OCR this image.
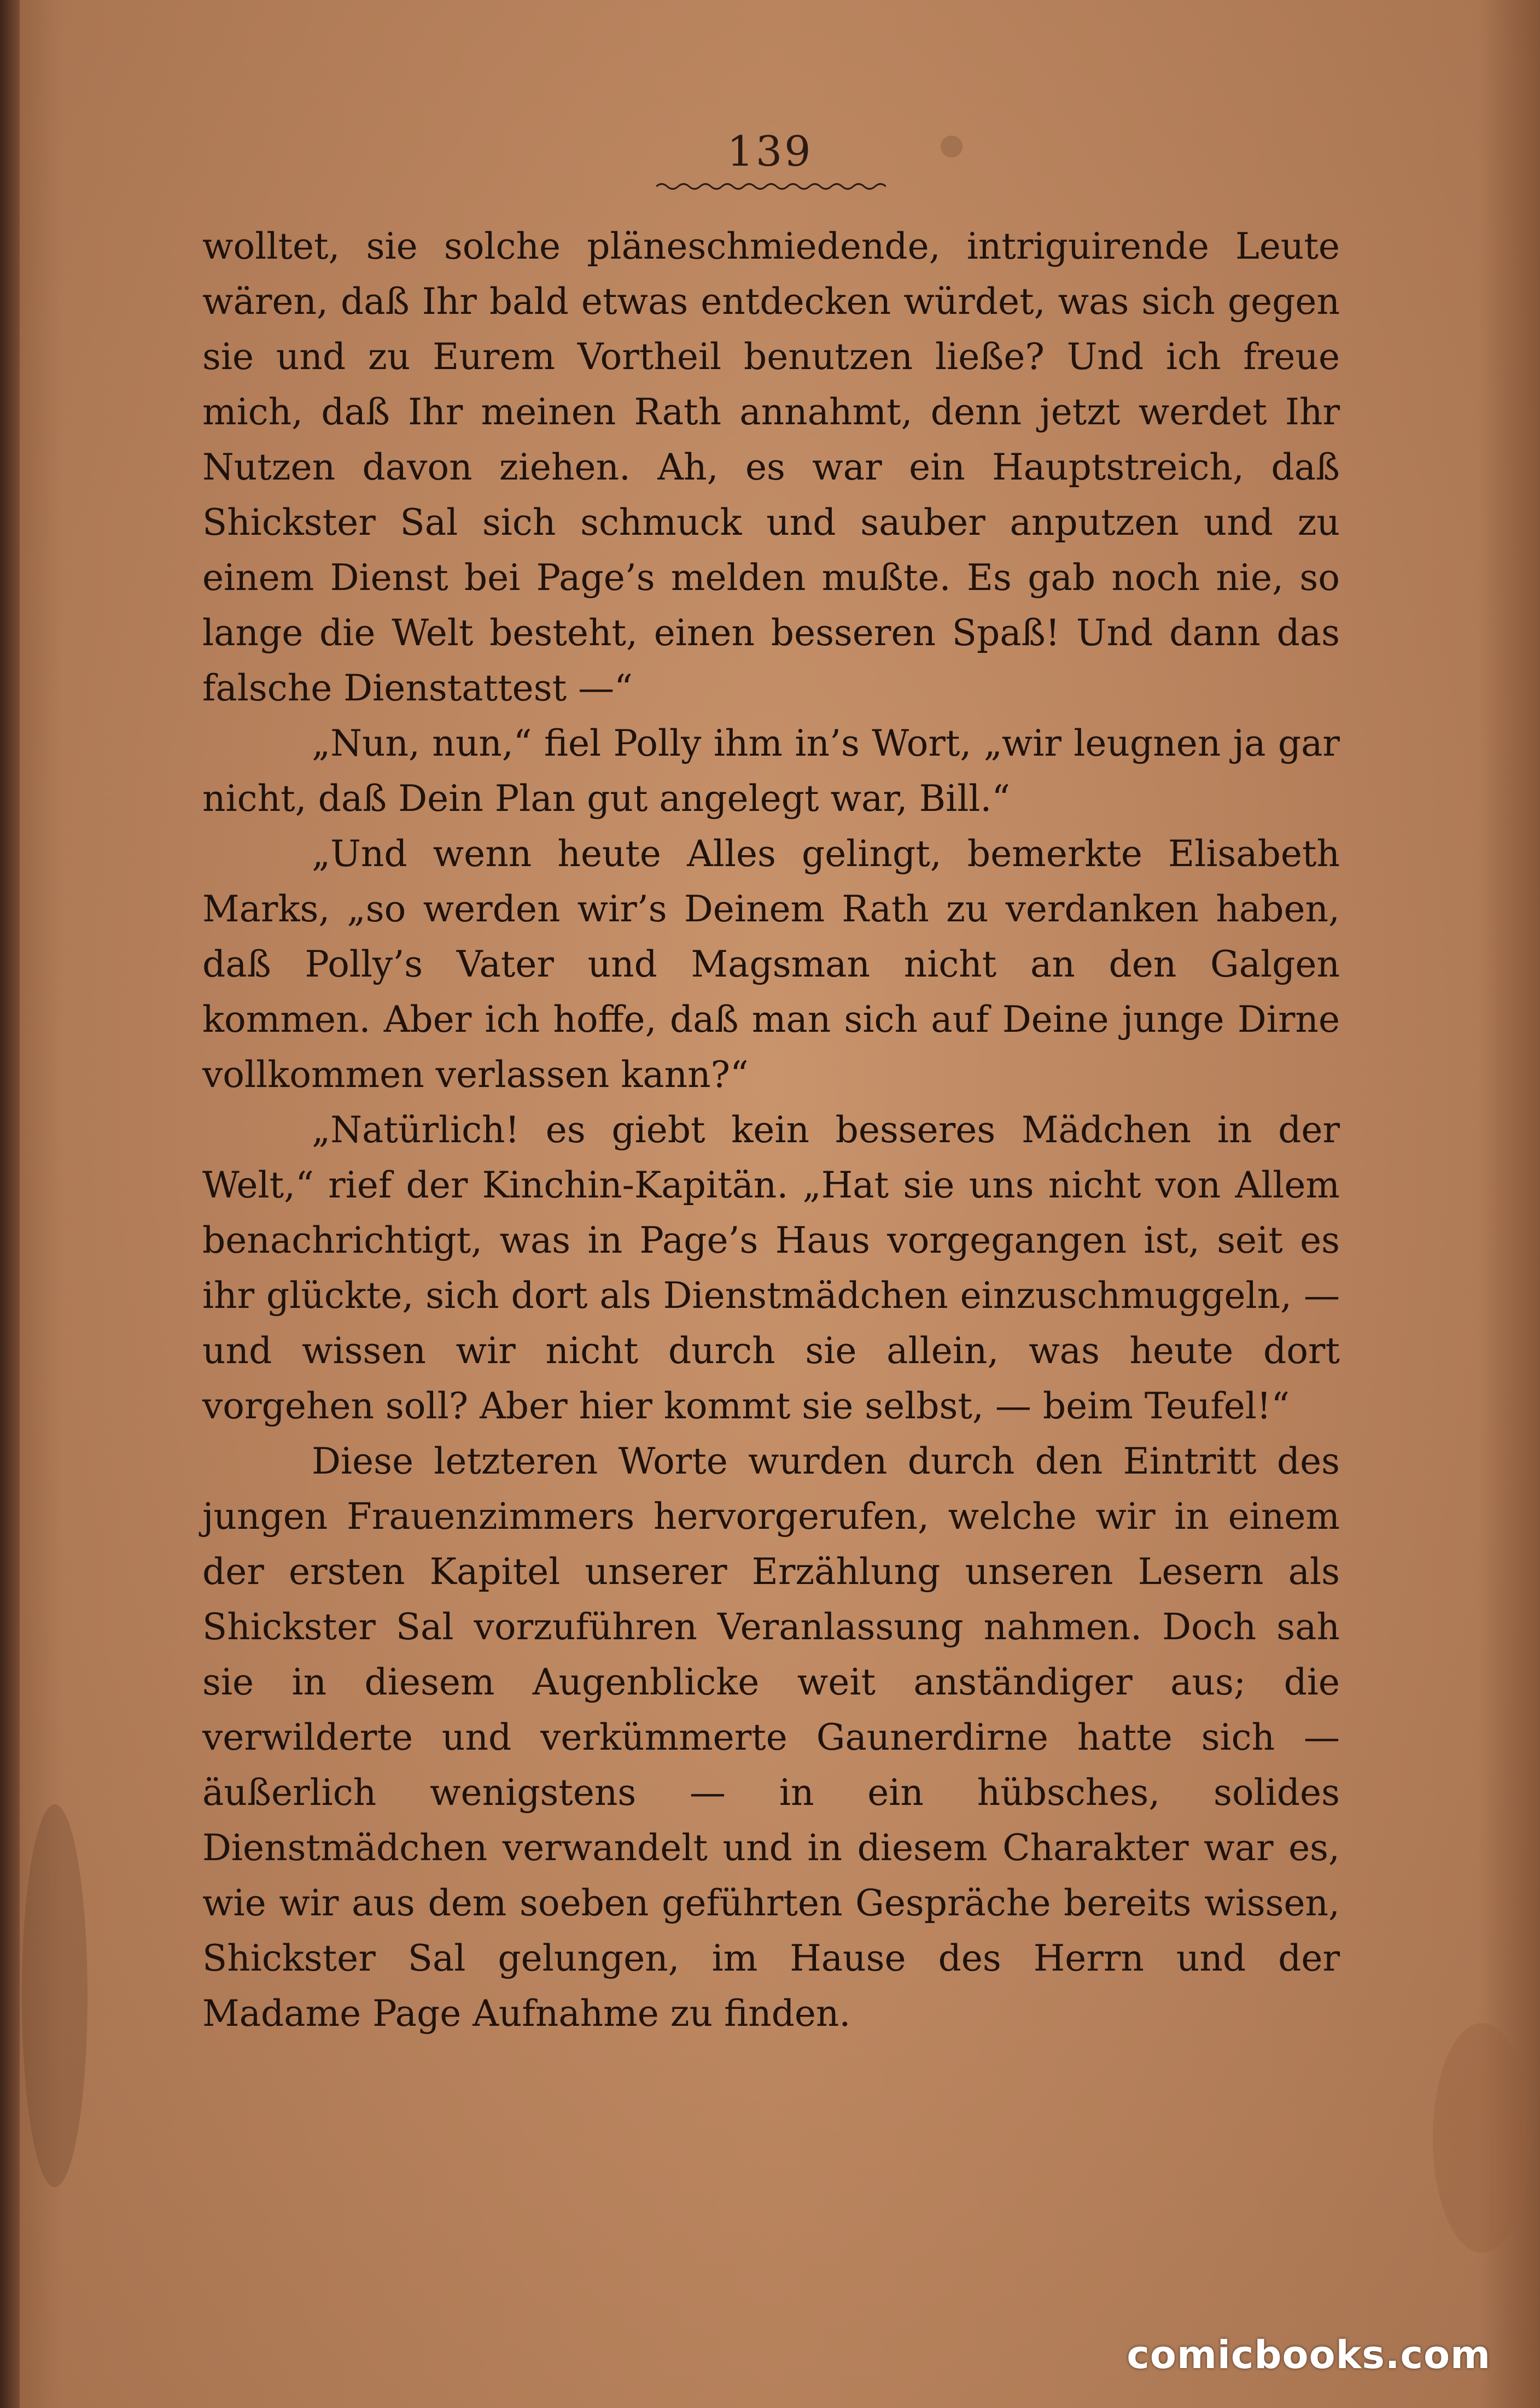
139

wolltet, sie solche pläneschmiedende, intriguirende Leute wären, daß Ihr bald etwas entdecken würdet, was sich gegen sie und zu Eurem Vortheil benutzen ließe? Und ich freue mich, daß Ihr meinen Rath annahmt, denn jetzt werdet Ihr Nutzen davon ziehen. Ah, es war ein Hauptstreich, daß Shickster Sal sich schmuck und sauber anputzen und zu einem Dienst bei Page’s melden mußte. Es gab noch nie, so lange die Welt besteht, einen besseren Spaß! Und dann das falsche Dienstattest —“

„Nun, nun,“ fiel Polly ihm in’s Wort, „wir leugnen ja gar nicht, daß Dein Plan gut angelegt war, Bill.“

„Und wenn heute Alles gelingt, bemerkte Elisabeth Marks, „so werden wir’s Deinem Rath zu verdanken haben, daß Polly’s Vater und Magsman nicht an den Galgen kommen. Aber ich hoffe, daß man sich auf Deine junge Dirne vollkommen verlassen kann?“

„Natürlich! es giebt kein besseres Mädchen in der Welt,“ rief der Kinchin-Kapitän. „Hat sie uns nicht von Allem benachrichtigt, was in Page’s Haus vorgegangen ist, seit es ihr glückte, sich dort als Dienstmädchen einzuschmuggeln, — und wissen wir nicht durch sie allein, was heute dort vorgehen soll? Aber hier kommt sie selbst, — beim Teufel!“

Diese letzteren Worte wurden durch den Eintritt des jungen Frauenzimmers hervorgerufen, welche wir in einem der ersten Kapitel unserer Erzählung unseren Lesern als Shickster Sal vorzuführen Veranlassung nahmen. Doch sah sie in diesem Augenblicke weit anständiger aus; die verwilderte und verkümmerte Gaunerdirne hatte sich — äußerlich wenigstens — in ein hübsches, solides Dienstmädchen verwandelt und in diesem Charakter war es, wie wir aus dem soeben geführten Gespräche bereits wissen, Shickster Sal gelungen, im Hause des Herrn und der Madame Page Aufnahme zu finden.

comicbooks.com
